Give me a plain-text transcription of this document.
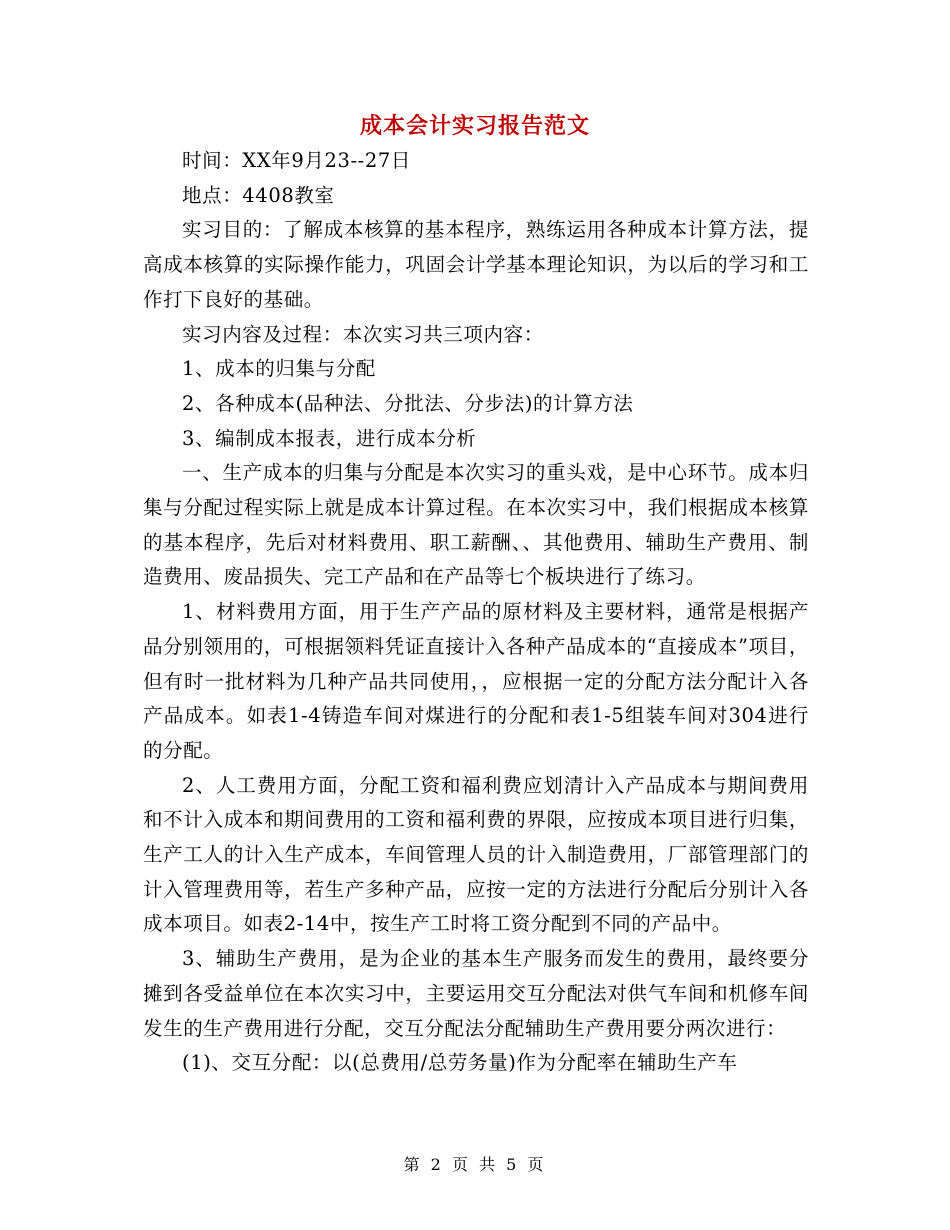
成本会计实习报告范文

时间：XX年9月23--27日

地点：4408教室

实习目的：了解成本核算的基本程序，熟练运用各种成本计算方法，提高成本核算的实际操作能力，巩固会计学基本理论知识，为以后的学习和工作打下良好的基础。

实习内容及过程：本次实习共三项内容：

1、成本的归集与分配

2、各种成本(品种法、分批法、分步法)的计算方法

3、编制成本报表，进行成本分析

一、生产成本的归集与分配是本次实习的重头戏，是中心环节。成本归集与分配过程实际上就是成本计算过程。在本次实习中，我们根据成本核算的基本程序，先后对材料费用、职工薪酬、、其他费用、辅助生产费用、制造费用、废品损失、完工产品和在产品等七个板块进行了练习。

1、材料费用方面，用于生产产品的原材料及主要材料，通常是根据产品分别领用的，可根据领料凭证直接计入各种产品成本的“直接成本”项目，但有时一批材料为几种产品共同使用，，应根据一定的分配方法分配计入各产品成本。如表1-4铸造车间对煤进行的分配和表1-5组装车间对304进行的分配。

2、人工费用方面，分配工资和福利费应划清计入产品成本与期间费用和不计入成本和期间费用的工资和福利费的界限，应按成本项目进行归集，生产工人的计入生产成本，车间管理人员的计入制造费用，厂部管理部门的计入管理费用等，若生产多种产品，应按一定的方法进行分配后分别计入各成本项目。如表2-14中，按生产工时将工资分配到不同的产品中。

3、辅助生产费用，是为企业的基本生产服务而发生的费用，最终要分摊到各受益单位在本次实习中，主要运用交互分配法对供气车间和机修车间发生的生产费用进行分配，交互分配法分配辅助生产费用要分两次进行：

(1)、交互分配：以(总费用/总劳务量)作为分配率在辅助生产车

第 2 页 共 5 页
